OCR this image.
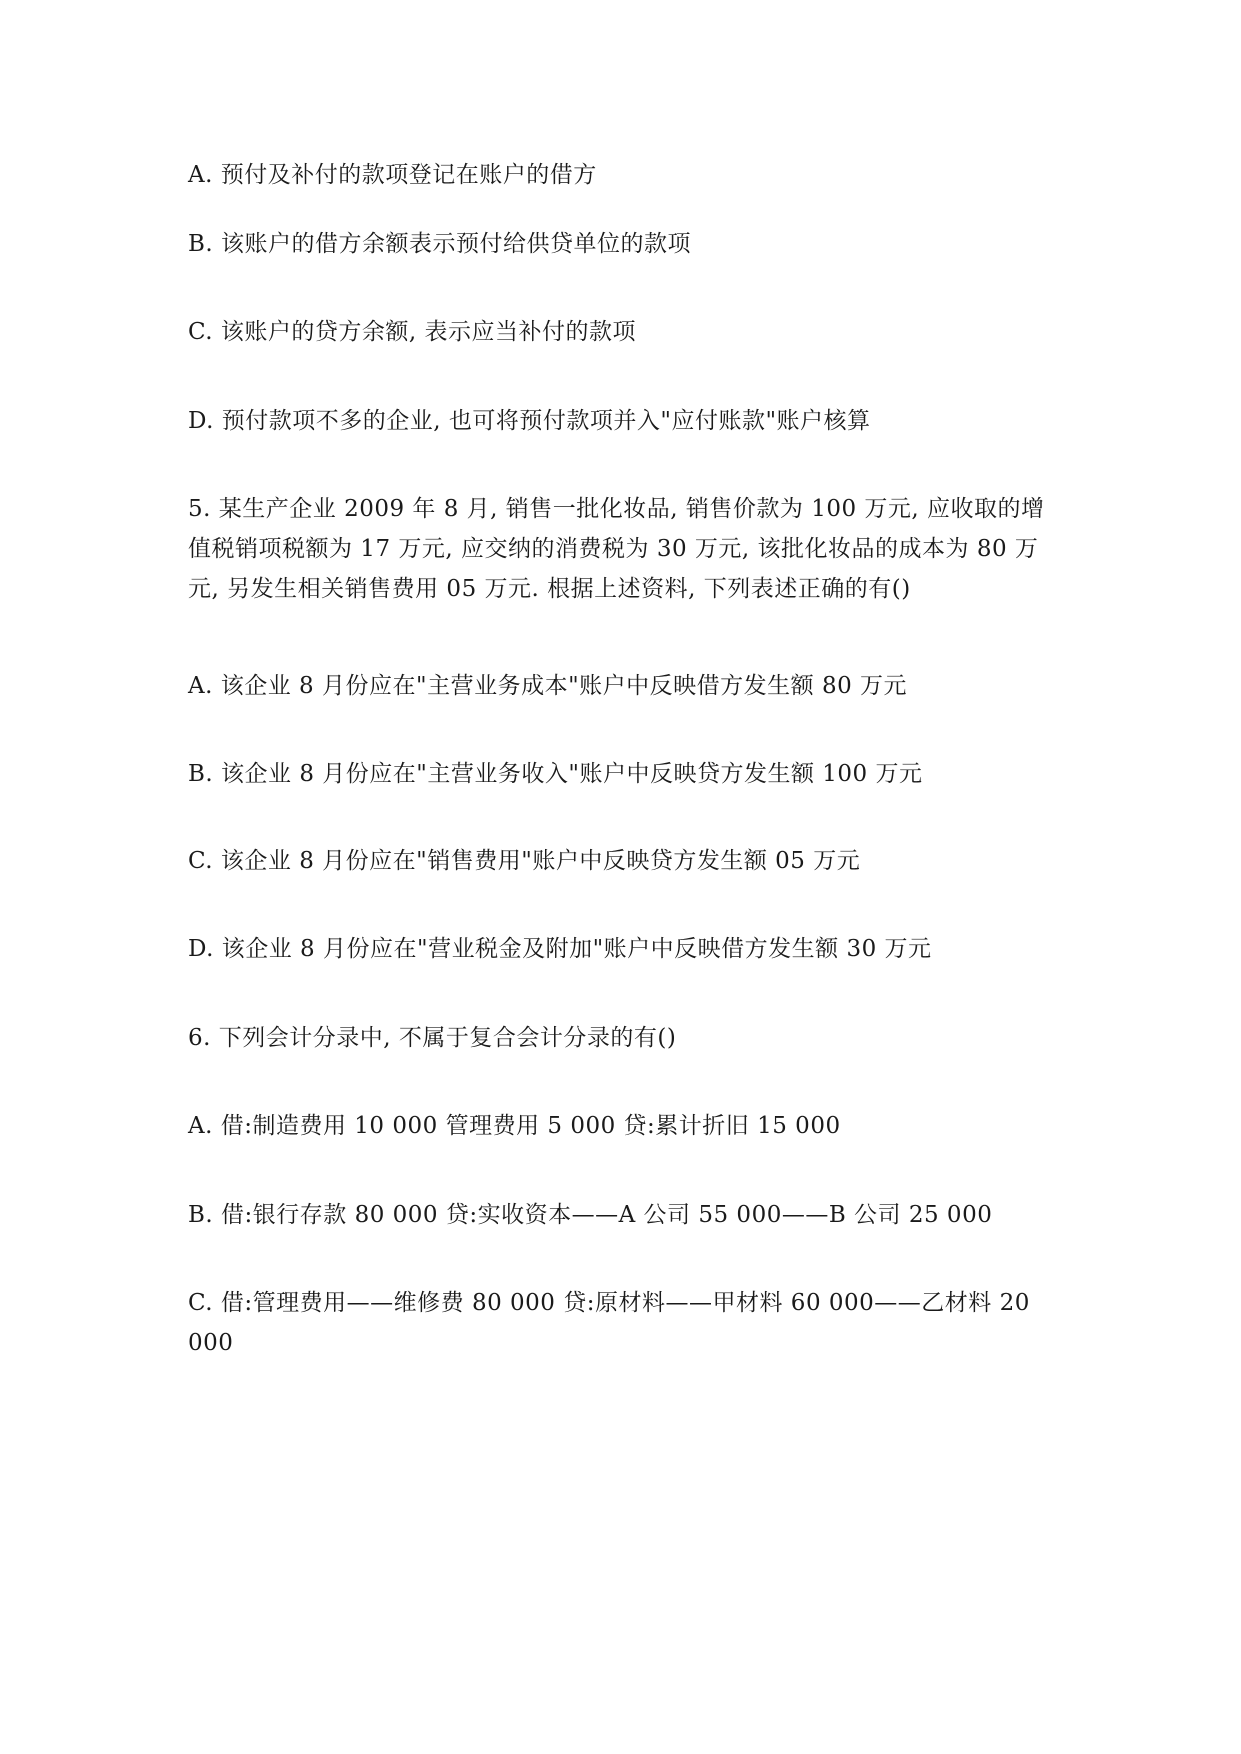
A. 预付及补付的款项登记在账户的借方
B. 该账户的借方余额表示预付给供贷单位的款项
C. 该账户的贷方余额, 表示应当补付的款项
D. 预付款项不多的企业, 也可将预付款项并入"应付账款"账户核算
5. 某生产企业 2009 年 8 月, 销售一批化妆品, 销售价款为 100 万元, 应收取的增
值税销项税额为 17 万元, 应交纳的消费税为 30 万元, 该批化妆品的成本为 80 万
元, 另发生相关销售费用 05 万元. 根据上述资料, 下列表述正确的有()
A. 该企业 8 月份应在"主营业务成本"账户中反映借方发生额 80 万元
B. 该企业 8 月份应在"主营业务收入"账户中反映贷方发生额 100 万元
C. 该企业 8 月份应在"销售费用"账户中反映贷方发生额 05 万元
D. 该企业 8 月份应在"营业税金及附加"账户中反映借方发生额 30 万元
6. 下列会计分录中, 不属于复合会计分录的有()
A. 借:制造费用 10 000 管理费用 5 000 贷:累计折旧 15 000
B. 借:银行存款 80 000 贷:实收资本——A 公司 55 000——B 公司 25 000
C. 借:管理费用——维修费 80 000 贷:原材料——甲材料 60 000——乙材料 20
000
